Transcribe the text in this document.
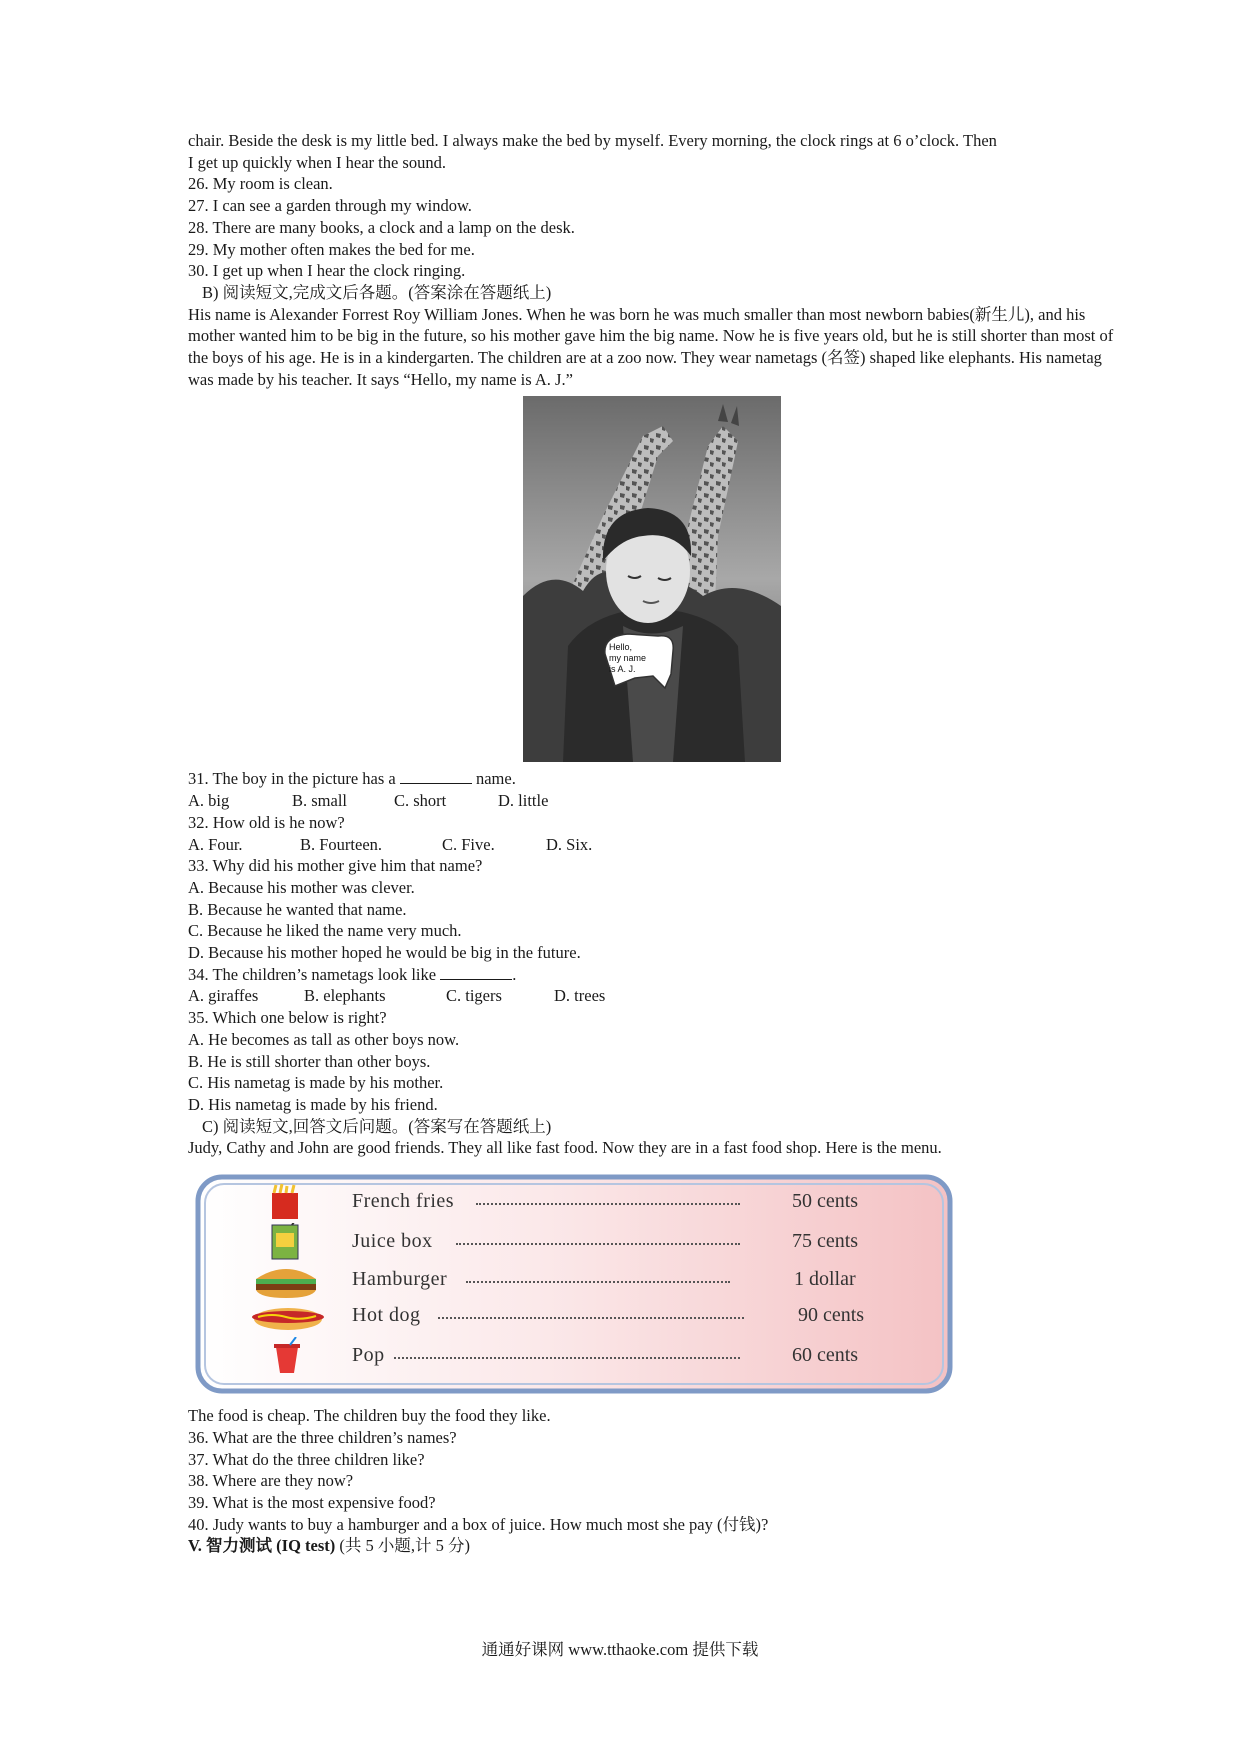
chair. Beside the desk is my little bed. I always make the bed by myself. Every morning, the clock rings at 6 o’clock. Then
I get up quickly when I hear the sound.
26. My room is clean.
27. I can see a garden through my window.
28. There are many books, a clock and a lamp on the desk.
29. My mother often makes the bed for me.
30. I get up when I hear the clock ringing.
B) 阅读短文,完成文后各题。(答案涂在答题纸上)
His name is Alexander Forrest Roy William Jones. When he was born he was much smaller than most newborn babies(新生儿), and his mother wanted him to be big in the future, so his mother gave him the big name. Now he is five years old, but he is still shorter than most of the boys of his age. He is in a kindergarten. The children are at a zoo now. They wear nametags (名签) shaped like elephants. His nametag was made by his teacher. It says “Hello, my name is A. J.”
Hello,
my name
is A. J.
31. The boy in the picture has a	name.
A. big	B. small	C. short	D. little
32. How old is he now?
A. Four.	B. Fourteen.	C. Five.	D. Six.
33. Why did his mother give him that name?
A. Because his mother was clever.
B. Because he wanted that name.
C. Because he liked the name very much.
D. Because his mother hoped he would be big in the future.
34. The children’s nametags look like	.
A. giraffes	B. elephants	C. tigers	D. trees
35. Which one below is right?
A. He becomes as tall as other boys now.
B. He is still shorter than other boys.
C. His nametag is made by his mother.
D. His nametag is made by his friend.
C) 阅读短文,回答文后问题。(答案写在答题纸上)
Judy, Cathy and John are good friends. They all like fast food. Now they are in a fast food shop. Here is the menu.
French fries	50 cents
Juice box	75 cents
Hamburger	1 dollar
Hot dog	90 cents
Pop	60 cents
The food is cheap. The children buy the food they like.
36. What are the three children’s names?
37. What do the three children like?
38. Where are they now?
39. What is the most expensive food?
40. Judy wants to buy a hamburger and a box of juice. How much most she pay (付钱)?
V. 智力测试 (IQ test) (共 5 小题,计 5 分)
通通好课网 www.tthaoke.com 提供下载
